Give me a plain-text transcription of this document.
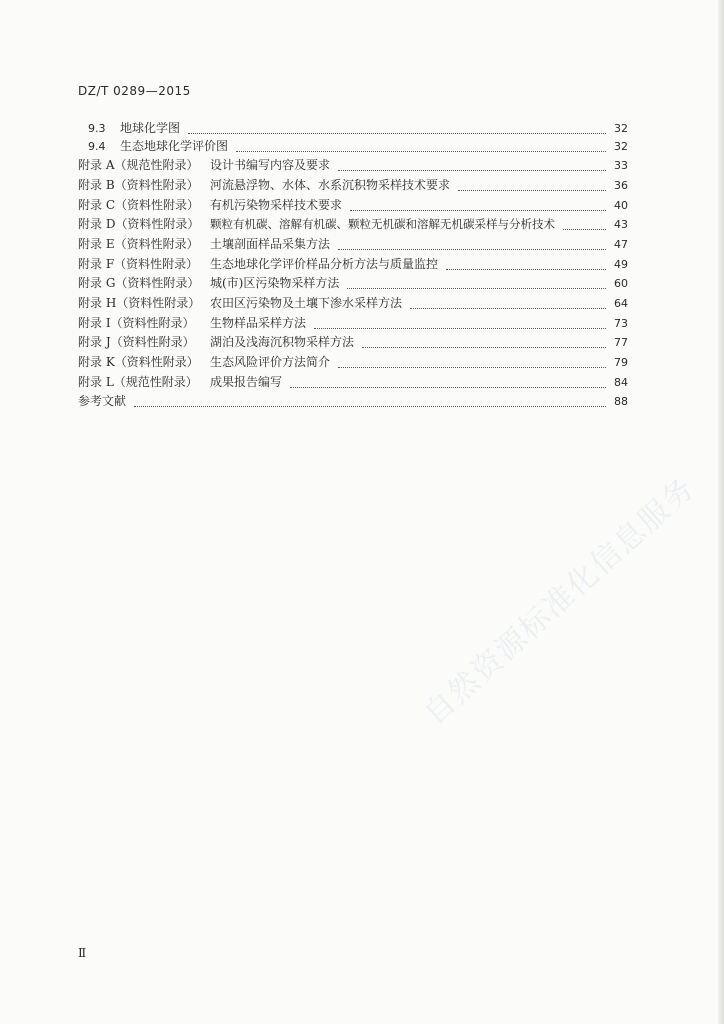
DZ/T 0289—2015
9.3	地球化学图	32
9.4	生态地球化学评价图	32
附录 A（规范性附录） 设计书编写内容及要求	33
附录 B（资料性附录） 河流悬浮物、水体、水系沉积物采样技术要求	36
附录 C（资料性附录） 有机污染物采样技术要求	40
附录 D（资料性附录） 颗粒有机碳、溶解有机碳、颗粒无机碳和溶解无机碳采样与分析技术	43
附录 E（资料性附录） 土壤剖面样品采集方法	47
附录 F（资料性附录） 生态地球化学评价样品分析方法与质量监控	49
附录 G（资料性附录） 城(市)区污染物采样方法	60
附录 H（资料性附录） 农田区污染物及土壤下渗水采样方法	64
附录 I（资料性附录）	生物样品采样方法	73
附录 J（资料性附录）	湖泊及浅海沉积物采样方法	77
附录 K（资料性附录） 生态风险评价方法简介	79
附录 L（规范性附录）	成果报告编写	84
参考文献	88
自然资源标准化信息服务
Ⅱ
